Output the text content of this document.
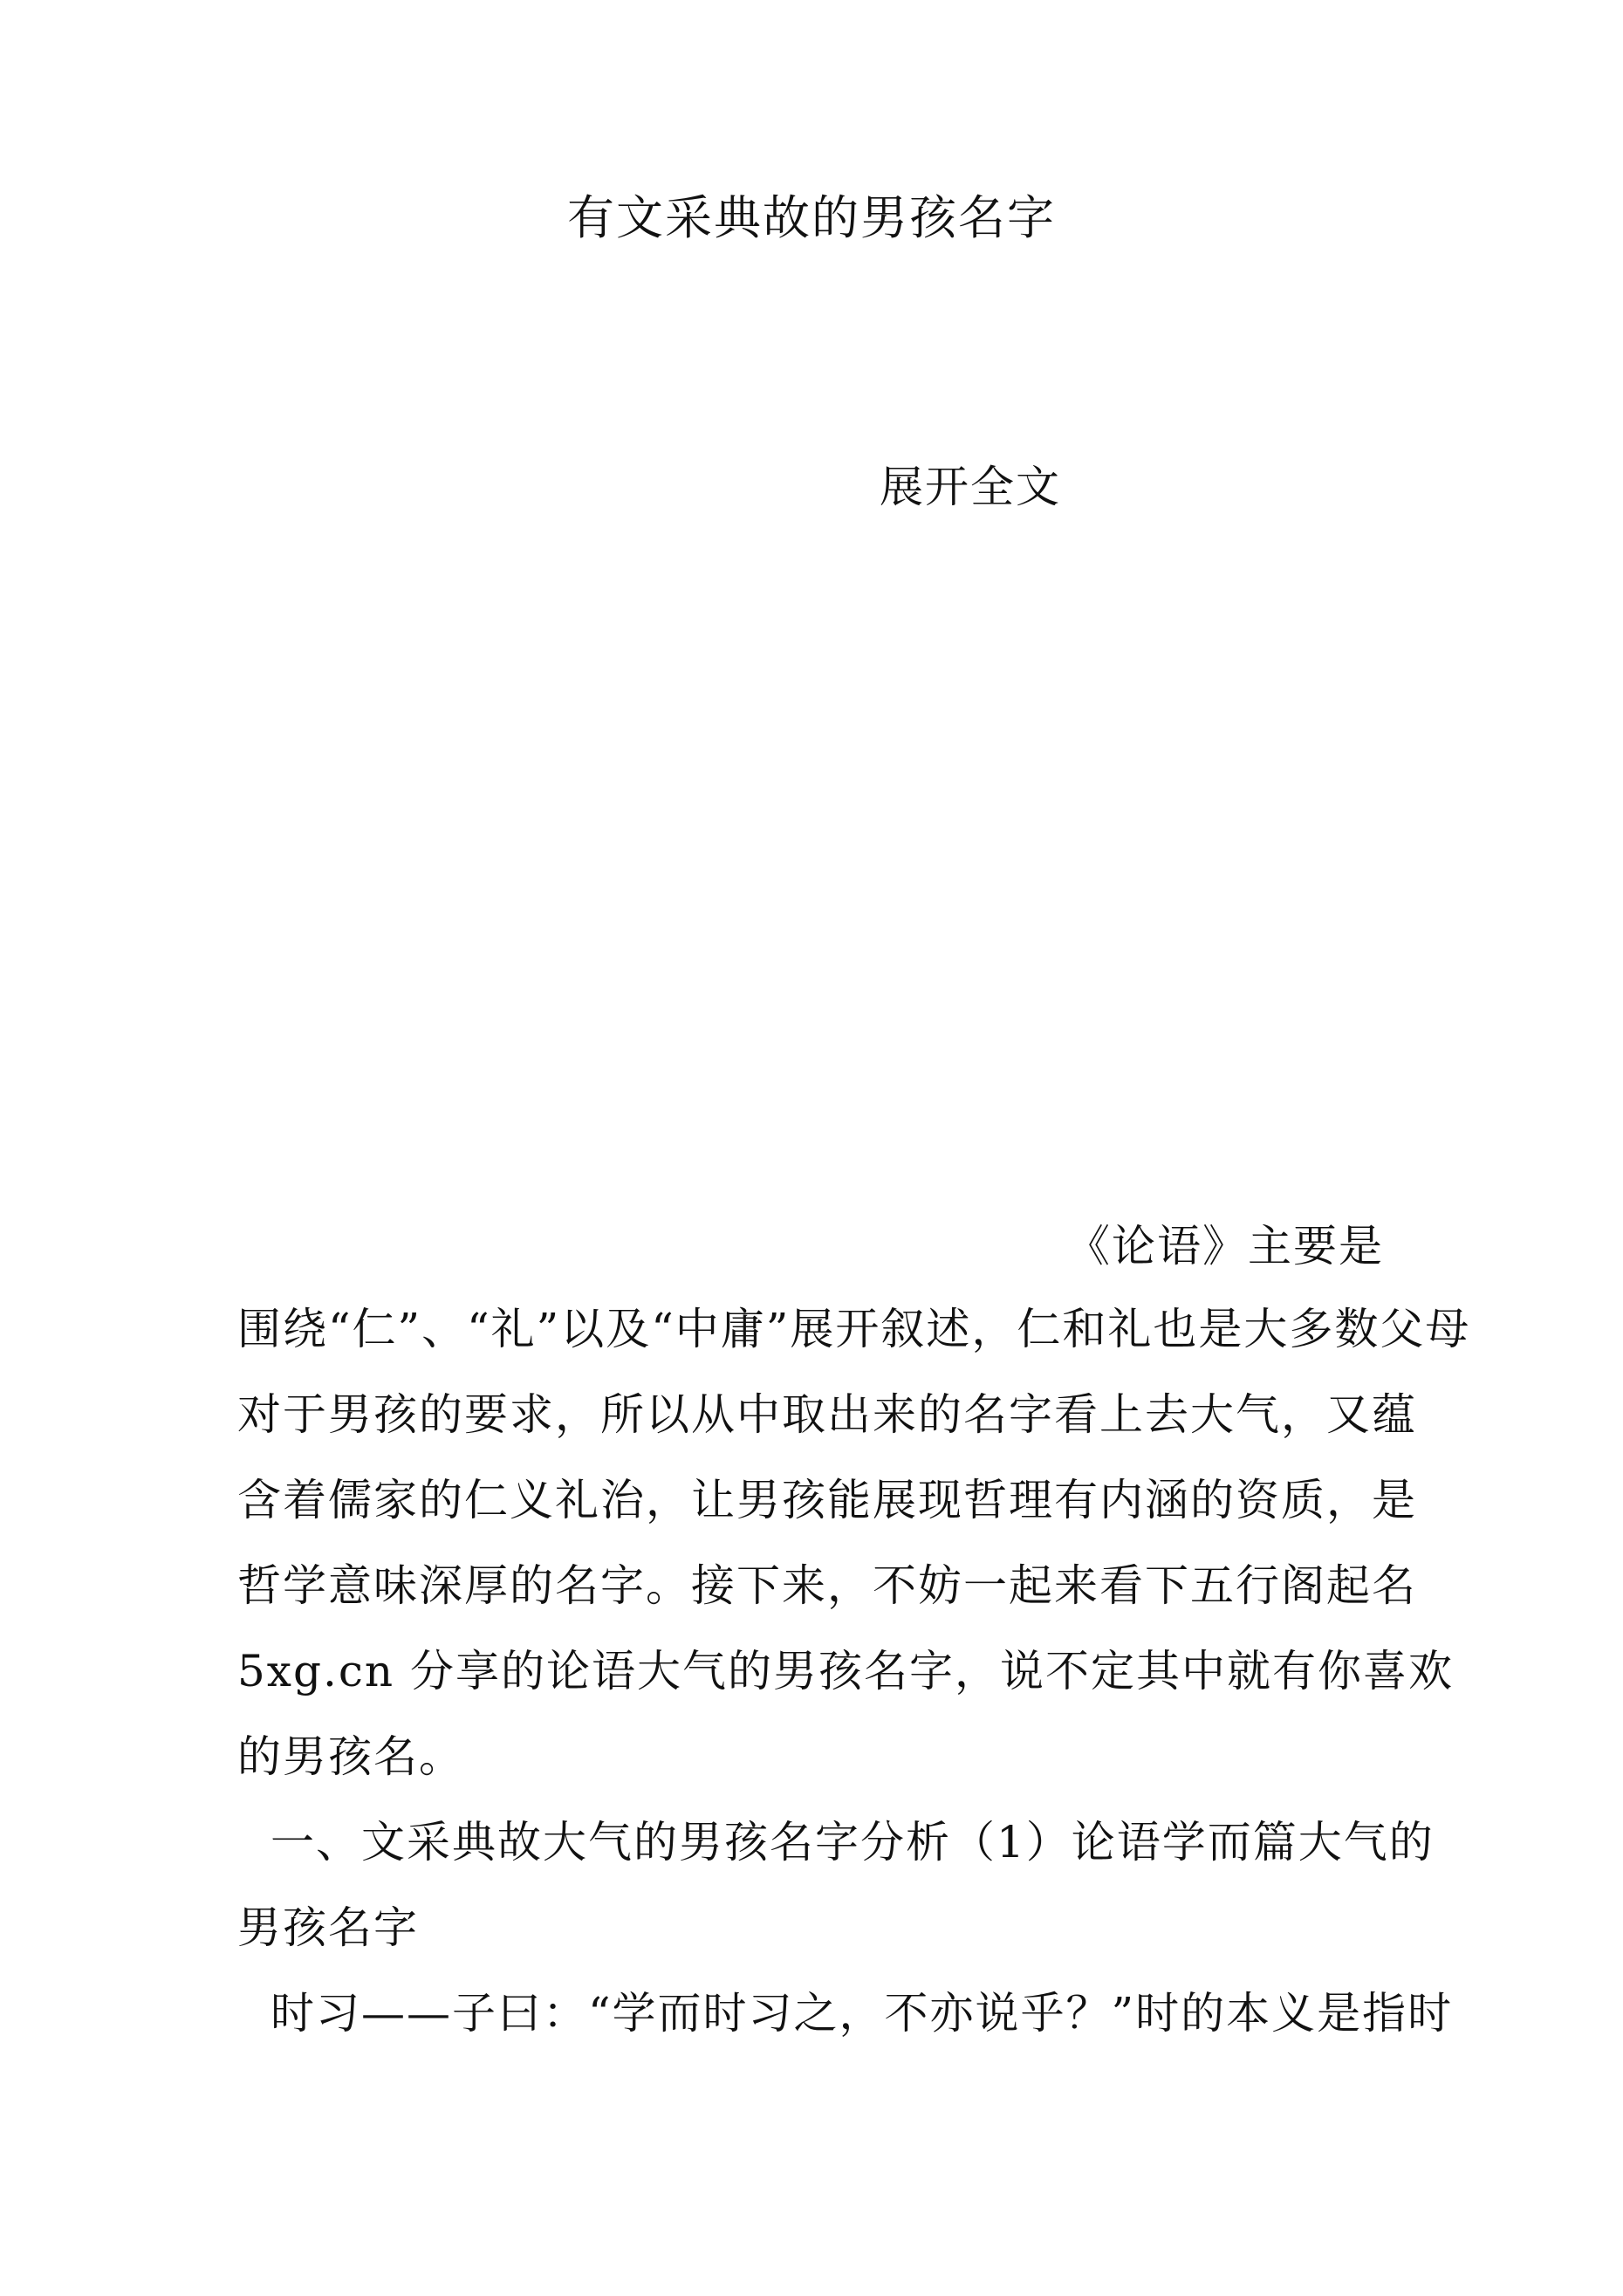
有文采典故的男孩名字
展开全文
《论语》主要是
围绕“仁”、“礼”以及“中庸”展开叙述，仁和礼也是大多数父母
对于男孩的要求，所以从中取出来的名字看上去大气，又蕴
含着儒家的仁义礼治，让男孩能展现哲理有内涵的资质，是
哲学意味深厚的名字。接下来，不妨一起来看下五行阁起名
5xg.cn 分享的论语大气的男孩名字，说不定其中就有你喜欢
的男孩名。
一、文采典故大气的男孩名字分析（1）论语学而篇大气的
男孩名字
时习——子曰：“学而时习之，不亦说乎？”时的本义是指时
